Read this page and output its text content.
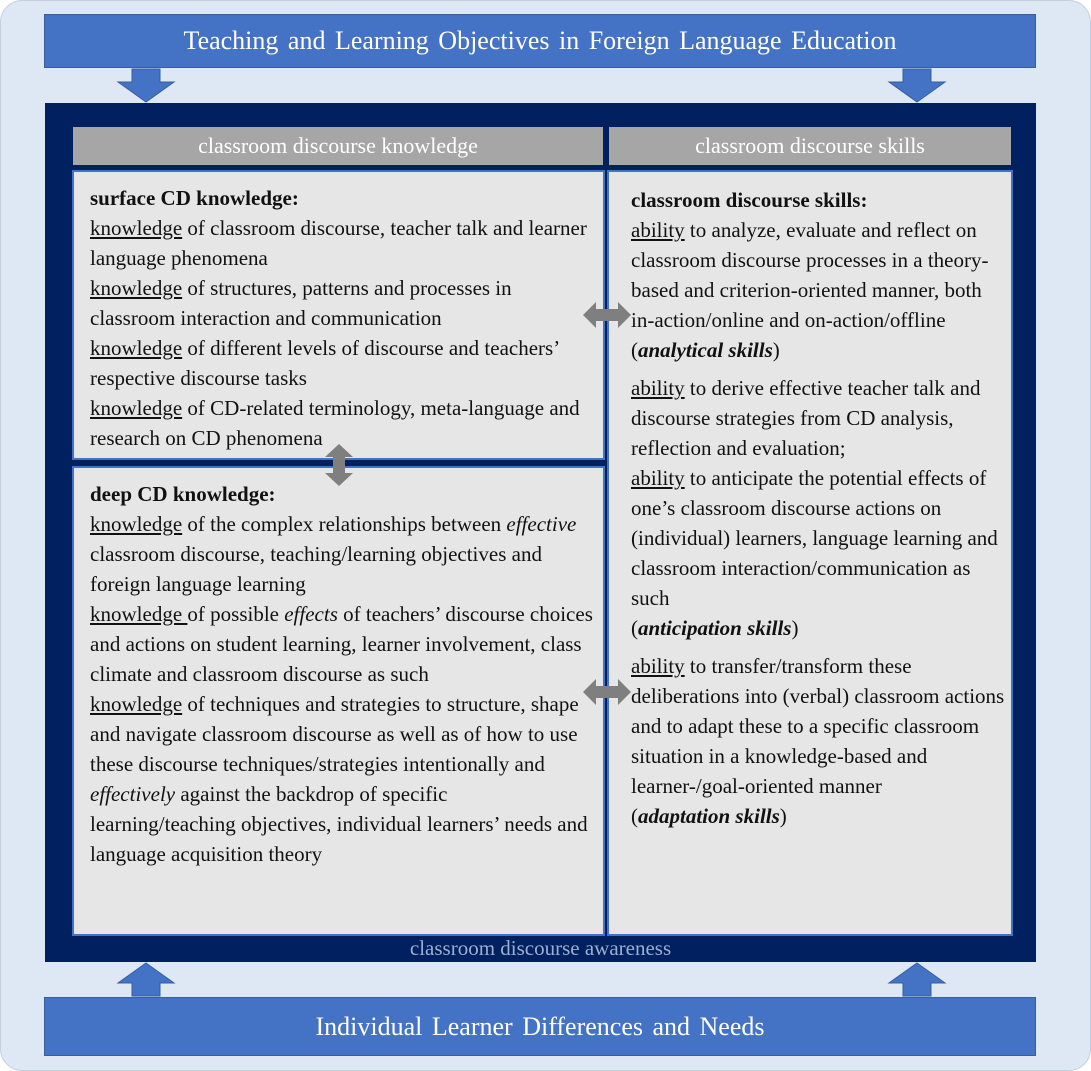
Teaching and Learning Objectives in Foreign Language Education
classroom discourse knowledge	classroom discourse skills

surface CD knowledge:

knowledge of classroom discourse, teacher talk and learner language phenomena

knowledge of structures, patterns and processes in classroom interaction and communication

knowledge of different levels of discourse and teachers’ respective discourse tasks

knowledge of CD-related terminology, meta-language and research on CD phenomena

deep CD knowledge:

knowledge of the complex relationships between effective classroom discourse, teaching/learning objectives and foreign language learning

knowledge of possible effects of teachers’ discourse choices and actions on student learning, learner involvement, class climate and classroom discourse as such

knowledge of techniques and strategies to structure, shape and navigate classroom discourse as well as of how to use these discourse techniques/strategies intentionally and effectively against the backdrop of specific learning/teaching objectives, individual learners’ needs and language acquisition theory

classroom discourse skills:

ability to analyze, evaluate and reflect on classroom discourse processes in a theory-based and criterion-oriented manner, both in-action/online and on-action/offline
(analytical skills)

ability to derive effective teacher talk and discourse strategies from CD analysis, reflection and evaluation;

ability to anticipate the potential effects of one’s classroom discourse actions on (individual) learners, language learning and classroom interaction/communication as such
(anticipation skills)

ability to transfer/transform these deliberations into (verbal) classroom actions and to adapt these to a specific classroom situation in a knowledge-based and learner-/goal-oriented manner
(adaptation skills)

classroom discourse awareness
Individual Learner Differences and Needs
